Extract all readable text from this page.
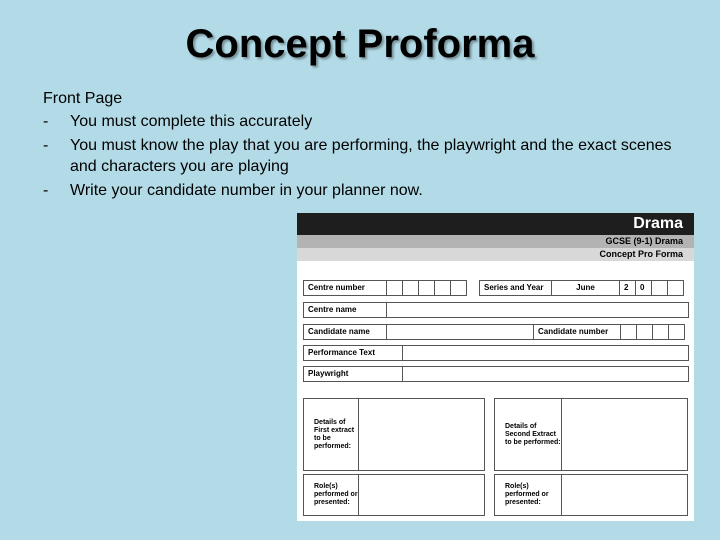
Concept Proforma
Front Page
-	You must complete this accurately
-	You must know the play that you are performing, the playwright and the exact scenes and characters you are playing
-	Write your candidate number in your planner now.
Drama
GCSE (9-1) Drama
Concept Pro Forma
Centre number	Series and Year	June	2	0
Centre name
Candidate name	Candidate number
Performance Text
Playwright
Details of First extract to be performed:
Details of Second Extract to be performed:
Role(s) performed or presented:
Role(s) performed or presented:
